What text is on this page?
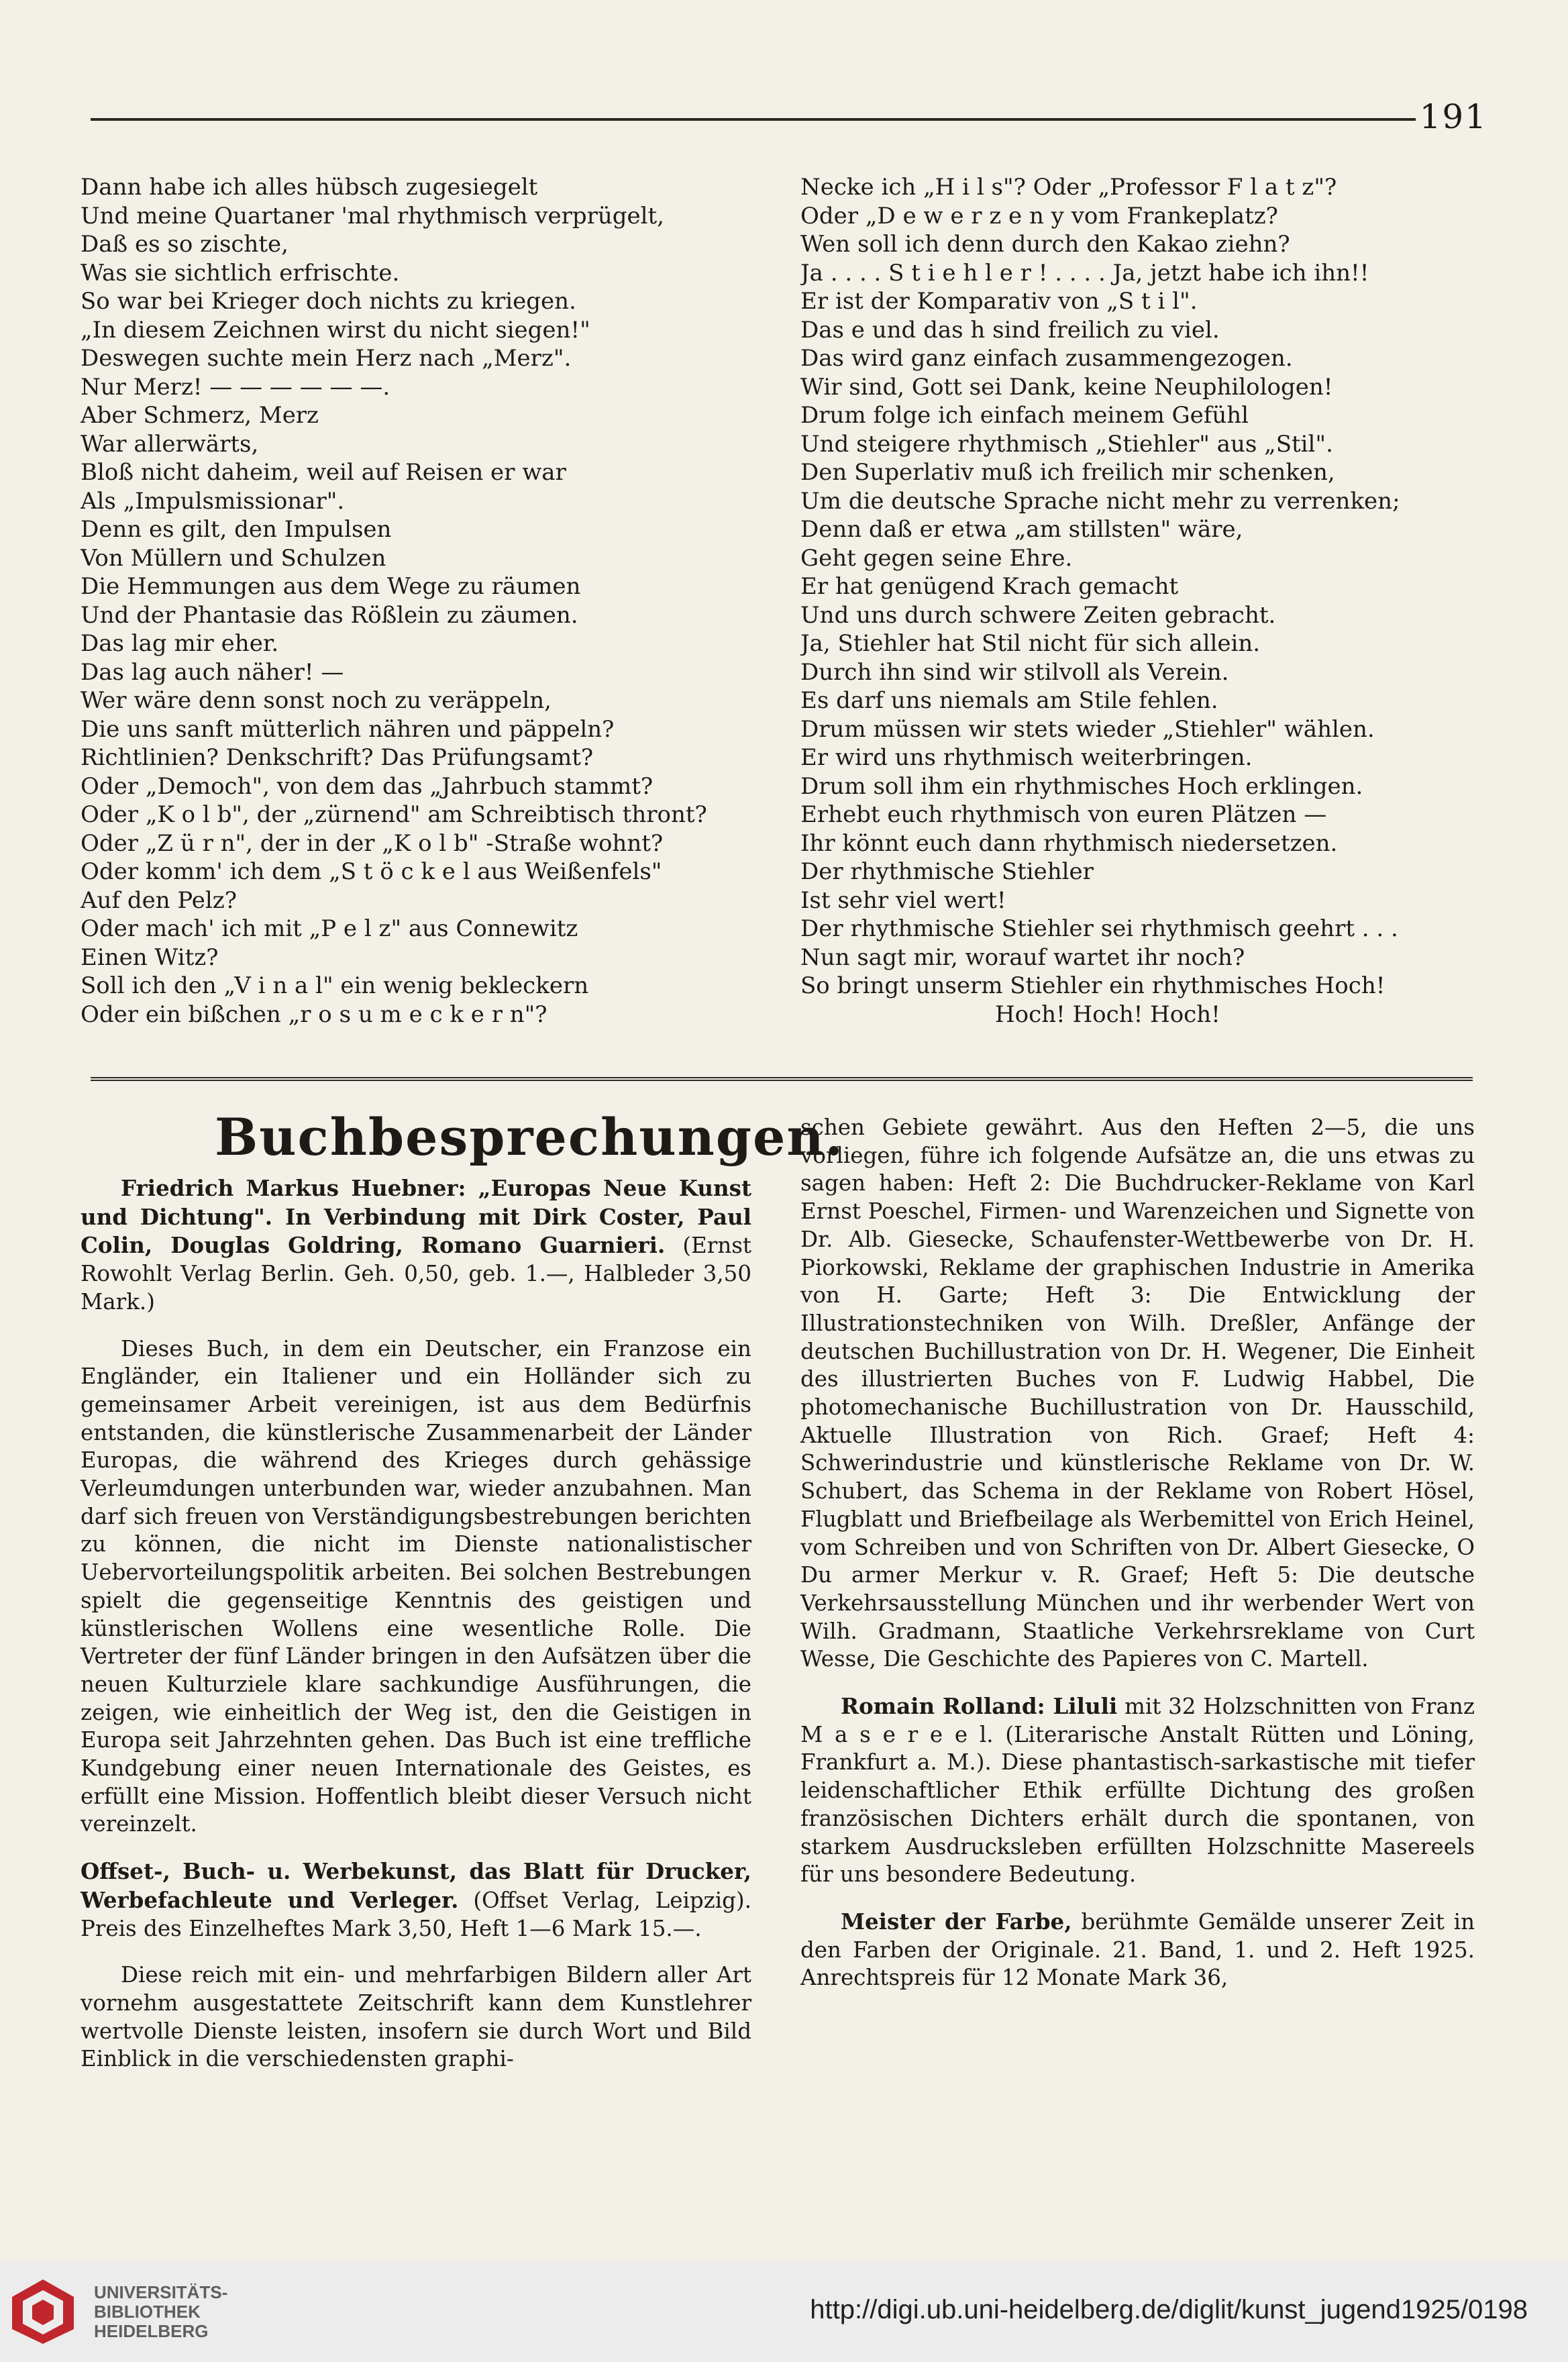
191
Dann habe ich alles hübsch zugesiegelt
Und meine Quartaner 'mal rhythmisch verprügelt,
Daß es so zischte,
Was sie sichtlich erfrischte.
So war bei Krieger doch nichts zu kriegen.
„In diesem Zeichnen wirst du nicht siegen!"
Deswegen suchte mein Herz nach „Merz".
Nur Merz! — — — — — —.
Aber Schmerz, Merz
War allerwärts,
Bloß nicht daheim, weil auf Reisen er war
Als „Impulsmissionar".
Denn es gilt, den Impulsen
Von Müllern und Schulzen
Die Hemmungen aus dem Wege zu räumen
Und der Phantasie das Rößlein zu zäumen.
Das lag mir eher.
Das lag auch näher! —
Wer wäre denn sonst noch zu veräppeln,
Die uns sanft mütterlich nähren und päppeln?
Richtlinien? Denkschrift? Das Prüfungsamt?
Oder „Democh", von dem das „Jahrbuch stammt?
Oder „K o l b", der „zürnend" am Schreibtisch thront?
Oder „Z ü r n", der in der „K o l b" -Straße wohnt?
Oder komm' ich dem „S t ö c k e l aus Weißenfels"
Auf den Pelz?
Oder mach' ich mit „P e l z" aus Connewitz
Einen Witz?
Soll ich den „V i n a l" ein wenig bekleckern
Oder ein bißchen „r o s u m e c k e r n"?
Necke ich „H i l s"? Oder „Professor F l a t z"?
Oder „D e w e r z e n y vom Frankeplatz?
Wen soll ich denn durch den Kakao ziehn?
Ja . . . . S t i e h l e r ! . . . . Ja, jetzt habe ich ihn!!
Er ist der Komparativ von „S t i l".
Das e und das h sind freilich zu viel.
Das wird ganz einfach zusammengezogen.
Wir sind, Gott sei Dank, keine Neuphilologen!
Drum folge ich einfach meinem Gefühl
Und steigere rhythmisch „Stiehler" aus „Stil".
Den Superlativ muß ich freilich mir schenken,
Um die deutsche Sprache nicht mehr zu verrenken;
Denn daß er etwa „am stillsten" wäre,
Geht gegen seine Ehre.
Er hat genügend Krach gemacht
Und uns durch schwere Zeiten gebracht.
Ja, Stiehler hat Stil nicht für sich allein.
Durch ihn sind wir stilvoll als Verein.
Es darf uns niemals am Stile fehlen.
Drum müssen wir stets wieder „Stiehler" wählen.
Er wird uns rhythmisch weiterbringen.
Drum soll ihm ein rhythmisches Hoch erklingen.
Erhebt euch rhythmisch von euren Plätzen —
Ihr könnt euch dann rhythmisch niedersetzen.
Der rhythmische Stiehler
Ist sehr viel wert!
Der rhythmische Stiehler sei rhythmisch geehrt . . .
Nun sagt mir, worauf wartet ihr noch?
So bringt unserm Stiehler ein rhythmisches Hoch!
Hoch! Hoch! Hoch!
Buchbesprechungen.

Friedrich Markus Huebner: „Europas Neue Kunst und Dichtung". In Verbindung mit Dirk Coster, Paul Colin, Douglas Goldring, Romano Guarnieri. (Ernst Rowohlt Verlag Berlin. Geh. 0,50, geb. 1.—, Halbleder 3,50 Mark.)

Dieses Buch, in dem ein Deutscher, ein Franzose ein Engländer, ein Italiener und ein Holländer sich zu gemeinsamer Arbeit vereinigen, ist aus dem Bedürfnis entstanden, die künstlerische Zusammenarbeit der Länder Europas, die während des Krieges durch gehässige Verleumdungen unterbunden war, wieder anzubahnen. Man darf sich freuen von Verständigungsbestrebungen berichten zu können, die nicht im Dienste nationalistischer Uebervorteilungspolitik arbeiten. Bei solchen Bestrebungen spielt die gegenseitige Kenntnis des geistigen und künstlerischen Wollens eine wesentliche Rolle. Die Vertreter der fünf Länder bringen in den Aufsätzen über die neuen Kulturziele klare sachkundige Ausführungen, die zeigen, wie einheitlich der Weg ist, den die Geistigen in Europa seit Jahrzehnten gehen. Das Buch ist eine treffliche Kundgebung einer neuen Internationale des Geistes, es erfüllt eine Mission. Hoffentlich bleibt dieser Versuch nicht vereinzelt.

Offset-, Buch- u. Werbekunst, das Blatt für Drucker, Werbefachleute und Verleger. (Offset Verlag, Leipzig). Preis des Einzelheftes Mark 3,50, Heft 1—6 Mark 15.—.

Diese reich mit ein- und mehrfarbigen Bildern aller Art vornehm ausgestattete Zeitschrift kann dem Kunstlehrer wertvolle Dienste leisten, insofern sie durch Wort und Bild Einblick in die verschiedensten graphi-

schen Gebiete gewährt. Aus den Heften 2—5, die uns vorliegen, führe ich folgende Aufsätze an, die uns etwas zu sagen haben: Heft 2: Die Buchdrucker-Reklame von Karl Ernst Poeschel, Firmen- und Warenzeichen und Signette von Dr. Alb. Giesecke, Schaufenster-Wettbewerbe von Dr. H. Piorkowski, Reklame der graphischen Industrie in Amerika von H. Garte; Heft 3: Die Entwicklung der Illustrationstechniken von Wilh. Dreßler, Anfänge der deutschen Buchillustration von Dr. H. Wegener, Die Einheit des illustrierten Buches von F. Ludwig Habbel, Die photomechanische Buchillustration von Dr. Hausschild, Aktuelle Illustration von Rich. Graef; Heft 4: Schwerindustrie und künstlerische Reklame von Dr. W. Schubert, das Schema in der Reklame von Robert Hösel, Flugblatt und Briefbeilage als Werbemittel von Erich Heinel, vom Schreiben und von Schriften von Dr. Albert Giesecke, O Du armer Merkur v. R. Graef; Heft 5: Die deutsche Verkehrsausstellung München und ihr werbender Wert von Wilh. Gradmann, Staatliche Verkehrsreklame von Curt Wesse, Die Geschichte des Papieres von C. Martell.

Romain Rolland: Liluli mit 32 Holzschnitten von Franz M a s e r e e l. (Literarische Anstalt Rütten und Löning, Frankfurt a. M.). Diese phantastisch-sarkastische mit tiefer leidenschaftlicher Ethik erfüllte Dichtung des großen französischen Dichters erhält durch die spontanen, von starkem Ausdrucksleben erfüllten Holzschnitte Masereels für uns besondere Bedeutung.

Meister der Farbe, berühmte Gemälde unserer Zeit in den Farben der Originale. 21. Band, 1. und 2. Heft 1925. Anrechtspreis für 12 Monate Mark 36,

UNIVERSITÄTS-
BIBLIOTHEK
HEIDELBERG
http://digi.ub.uni-heidelberg.de/diglit/kunst_jugend1925/0198
